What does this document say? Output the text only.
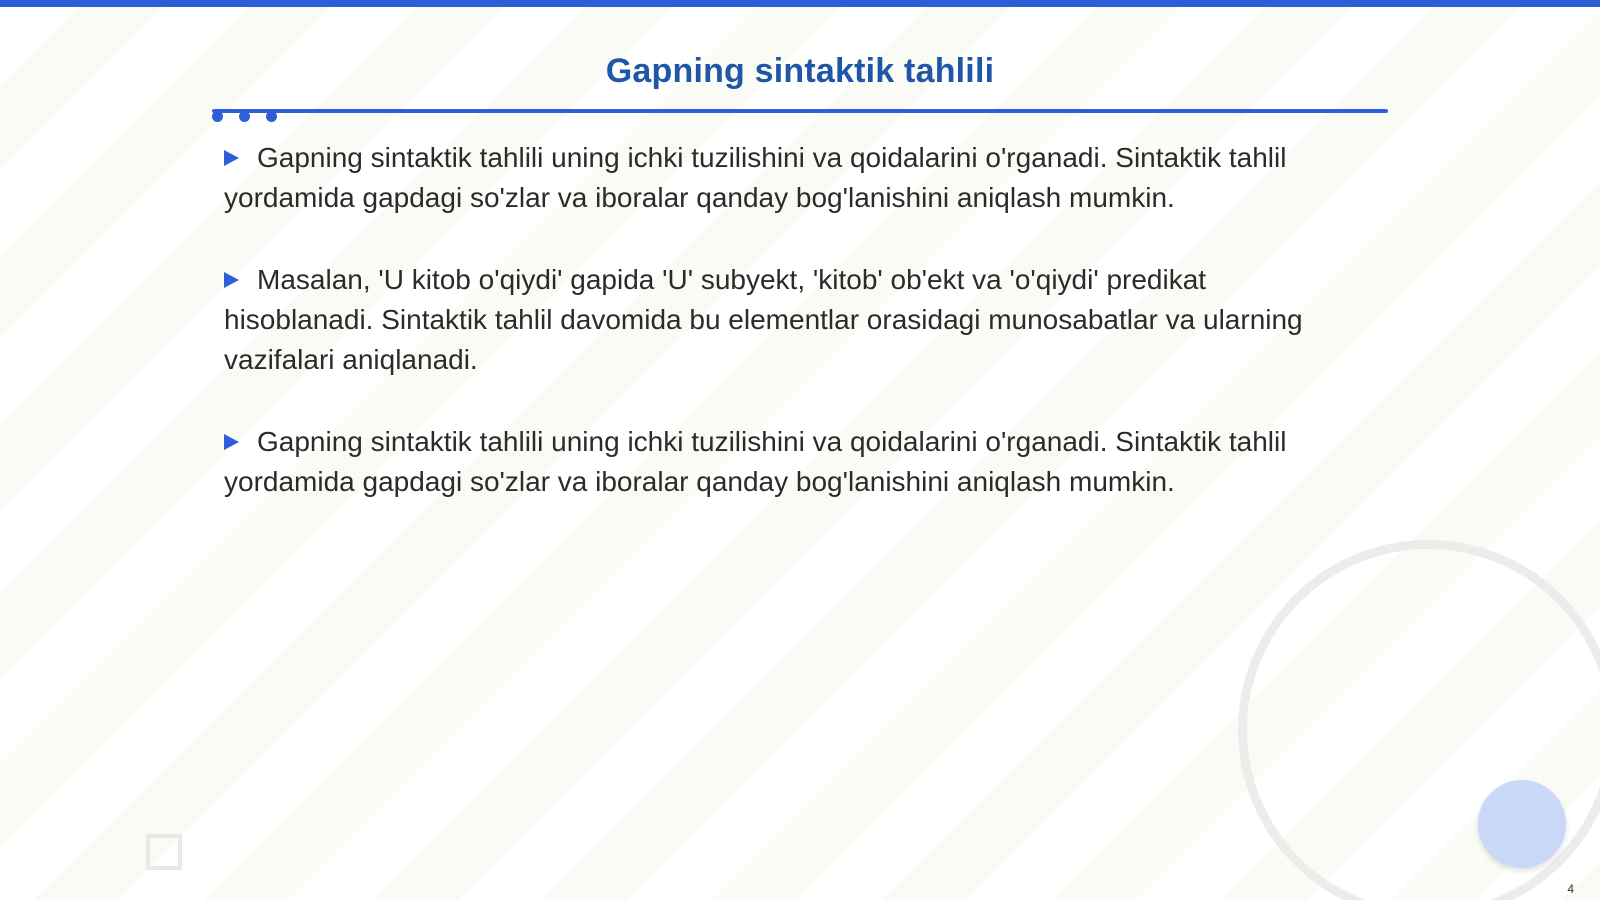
Gapning sintaktik tahlili
Gapning sintaktik tahlili uning ichki tuzilishini va qoidalarini o'rganadi. Sintaktik tahlil yordamida gapdagi so'zlar va iboralar qanday bog'lanishini aniqlash mumkin.
Masalan, 'U kitob o'qiydi' gapida 'U' subyekt, 'kitob' ob'ekt va 'o'qiydi' predikat hisoblanadi. Sintaktik tahlil davomida bu elementlar orasidagi munosabatlar va ularning vazifalari aniqlanadi.
Gapning sintaktik tahlili uning ichki tuzilishini va qoidalarini o'rganadi. Sintaktik tahlil yordamida gapdagi so'zlar va iboralar qanday bog'lanishini aniqlash mumkin.
4
